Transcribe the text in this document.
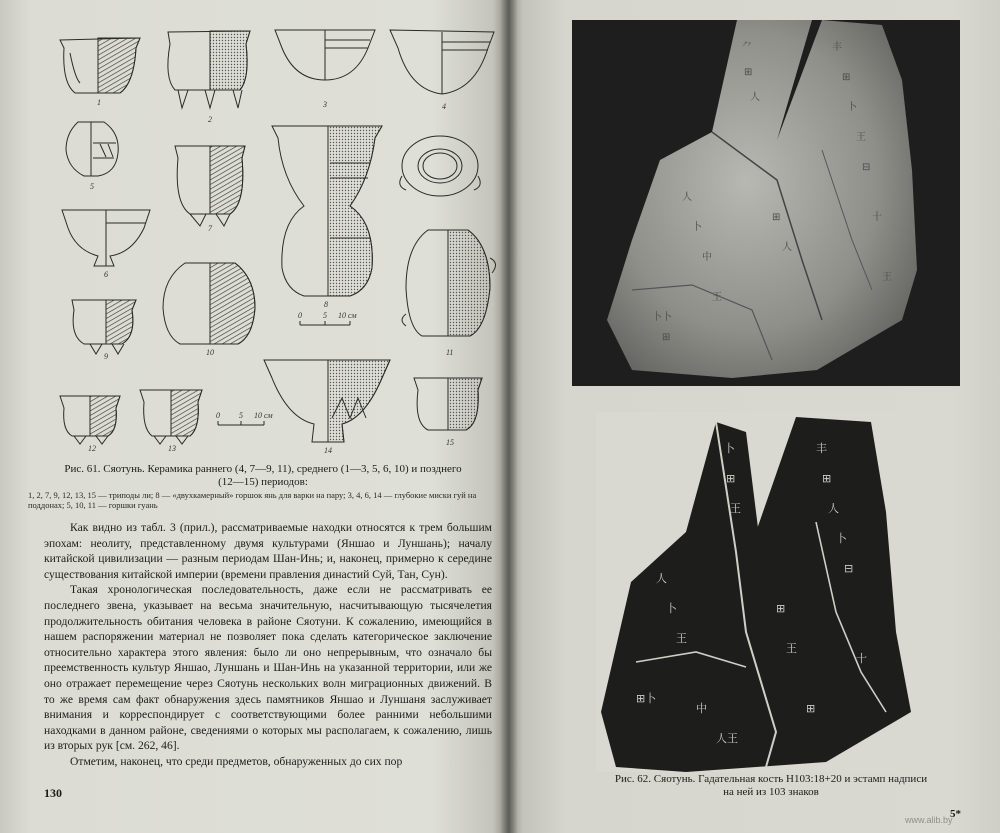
1
2
3	4
5
7
8
6
9	10	11
12	13	14
15
0	5 10 см
0 5 10 см
Рис. 61. Сяотунь. Керамика раннего (4, 7—9, 11), среднего (1—3, 5, 6, 10) и позднего
(12—15) периодов:
1, 2, 7, 9, 12, 13, 15 — триподы ли; 8 — «двухкамерный» горшок янь для варки на пару; 3, 4, 6, 14 — глубокие миски гуй на поддонах; 5, 10, 11 — горшки гуань

Как видно из табл. 3 (прил.), рассматриваемые находки относятся к трем большим эпохам: неолиту, представленному двумя культурами (Яншао и Луншань); началу китайской цивилизации — разным периодам Шан-Инь; и, наконец, примерно к середине существования китайской империи (времени правления династий Суй, Тан, Сун).

Такая хронологическая последовательность, даже если не рассматривать ее последнего звена, указывает на весьма значительную, насчитывающую тысячелетия продолжительность обитания человека в районе Сяотуни. К сожалению, имеющийся в нашем распоряжении материал не позволяет пока сделать категорическое заключение относительно характера этого явления: было ли оно непрерывным, что означало бы преемственность культур Яншао, Луншань и Шан-Инь на указанной территории, или же оно отражает перемещение через Сяотунь нескольких волн миграционных движений. В то же время сам факт обнаружения здесь памятников Яншао и Луншаня заслуживает внимания и корреспондирует с соответствующими более ранними небольшими находками в данном районе, сведениями о которых мы располагаем, к сожалению, лишь из вторых рук [см. 262, 46].

Отметим, наконец, что среди предметов, обнаруженных до сих пор

130
⺈
⊞
人
丰
⊞
卜
王
⊟
人
卜
中
王
⊞
人
卜卜
十
王
⊞
卜
⊞
王
丰
⊞
人
卜
⊟
人
卜
王
⊞卜
中
⊞
王
十
人王
⊞
Рис. 62. Сяотунь. Гадательная кость H103:18+20 и эстамп надписи
на ней из 103 знаков
5*
www.alib.by
